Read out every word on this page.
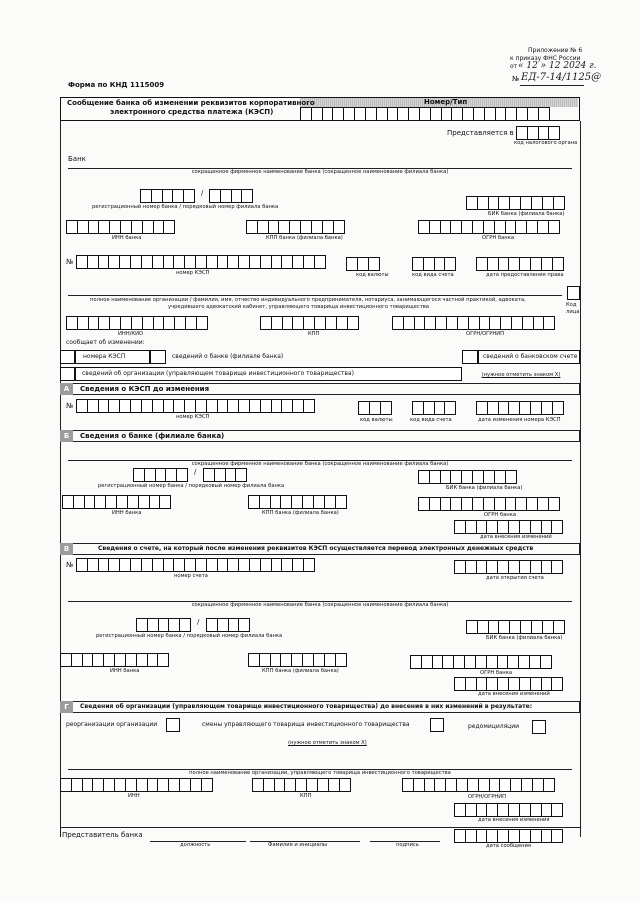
Приложение № 6
к приказу ФНС России
от « 12 » 12 2024 г.
№ ЕД-7-14/1125@
Форма по КНД 1115009
Сообщение банка об изменении реквизитов корпоративного
электронного средства платежа (КЭСП)
Номер/Тип
Представляется в
код налогового органа
Банк
сокращенное фирменное наименование банка (сокращенное наименование филиала банка)
/
регистрационный номер банка / порядковый номер филиала банка
БИК банка (филиала банка)
ИНН банка	КПП банка (филиала банка)	ОГРН банка
№
номер КЭСП	код валюты	код вида счета	дата предоставления права
полное наименование организации / фамилия, имя, отчество индивидуального предпринимателя, нотариуса, занимающегося частной практикой, адвоката,
учредившего адвокатский кабинет, управляющего товарища инвестиционного товарищества	Код лица
ИНН/КИО	КПП	ОГРН/ОГРНИП
сообщает об изменении:
номера КЭСП	сведений о банке (филиале банка)	сведений о банковском счете
сведений об организации (управляющем товарище инвестиционного товарищества)	(нужное отметить знаком X)
А	Сведения о КЭСП до изменения
№
номер КЭСП	код валюты	код вида счета	дата изменения номера КЭСП
Б	Сведения о банке (филиале банка)
сокращенное фирменное наименование банка (сокращенное наименование филиала банка)
/
регистрационный номер банка / порядковый номер филиала банка	БИК банка (филиала банка)
ИНН банка	КПП банка (филиала банка)	ОГРН банка
дата внесения изменений
В	Сведения о счете, на который после изменения реквизитов КЭСП осуществляется перевод электронных денежных средств
№
номер счета	дата открытия счета
сокращенное фирменное наименование банка (сокращенное наименование филиала банка)
/
регистрационный номер банка / порядковый номер филиала банка	БИК банка (филиала банка)
ИНН банка	КПП банка (филиала банка)	ОГРН банка
дата внесения изменений
Г	Сведения об организации (управляющем товарище инвестиционного товарищества) до внесения в них изменений в результате:
реорганизации организации	смены управляющего товарища инвестиционного товарищества	редомициляции
(нужное отметить знаком X)
полное наименование организации, управляющего товарища инвестиционного товарищества
ИНН	КПП	ОГРН/ОГРНИП
дата внесения изменения
Представитель банка
должность	Фамилия и инициалы	подпись	дата сообщения
